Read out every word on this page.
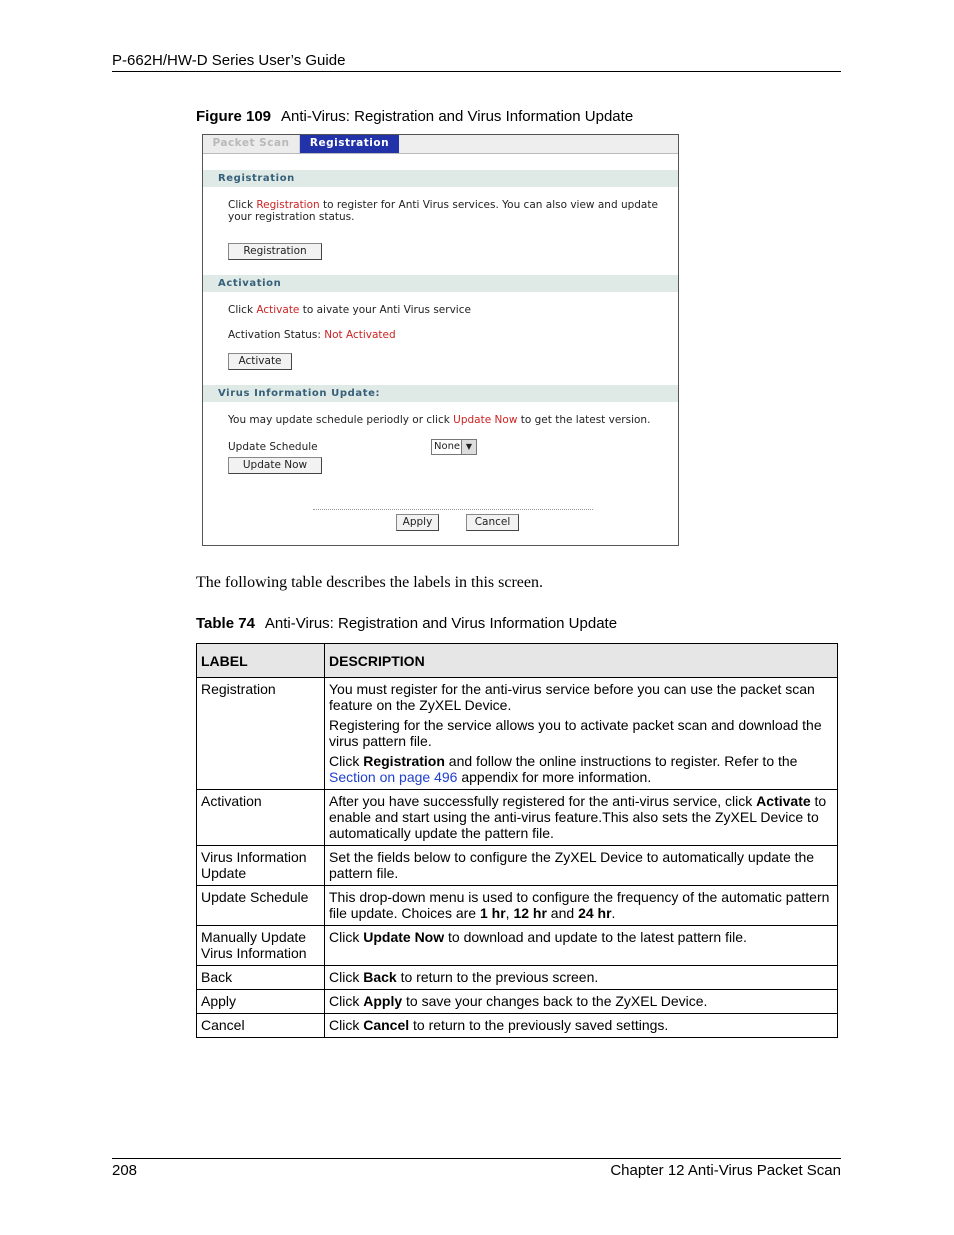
P-662H/HW-D Series User’s Guide
Figure 109 Anti-Virus: Registration and Virus Information Update
Packet Scan	Registration
Registration
Click Registration to register for Anti Virus services. You can also view and update
your registration status.
Registration
Activation
Click Activate to aivate your Anti Virus service
Activation Status: Not Activated
Activate
Virus Information Update:
You may update schedule periodly or click Update Now to get the latest version.
Update Schedule	None ▼
Update Now
Apply	Cancel
The following table describes the labels in this screen.
Table 74 Anti-Virus: Registration and Virus Information Update
LABEL	DESCRIPTION
Registration	You must register for the anti-virus service before you can use the packet scan feature on the ZyXEL Device.

Registering for the service allows you to activate packet scan and download the virus pattern file.

Click Registration and follow the online instructions to register. Refer to the Section on page 496 appendix for more information.

Activation	After you have successfully registered for the anti-virus service, click Activate to enable and start using the anti-virus feature.This also sets the ZyXEL Device to automatically update the pattern file.
Virus Information Update	Set the fields below to configure the ZyXEL Device to automatically update the pattern file.
Update Schedule	This drop-down menu is used to configure the frequency of the automatic pattern file update. Choices are 1 hr, 12 hr and 24 hr.
Manually Update Virus Information	Click Update Now to download and update to the latest pattern file.
Back	Click Back to return to the previous screen.
Apply	Click Apply to save your changes back to the ZyXEL Device.
Cancel	Click Cancel to return to the previously saved settings.
208	Chapter 12 Anti-Virus Packet Scan
